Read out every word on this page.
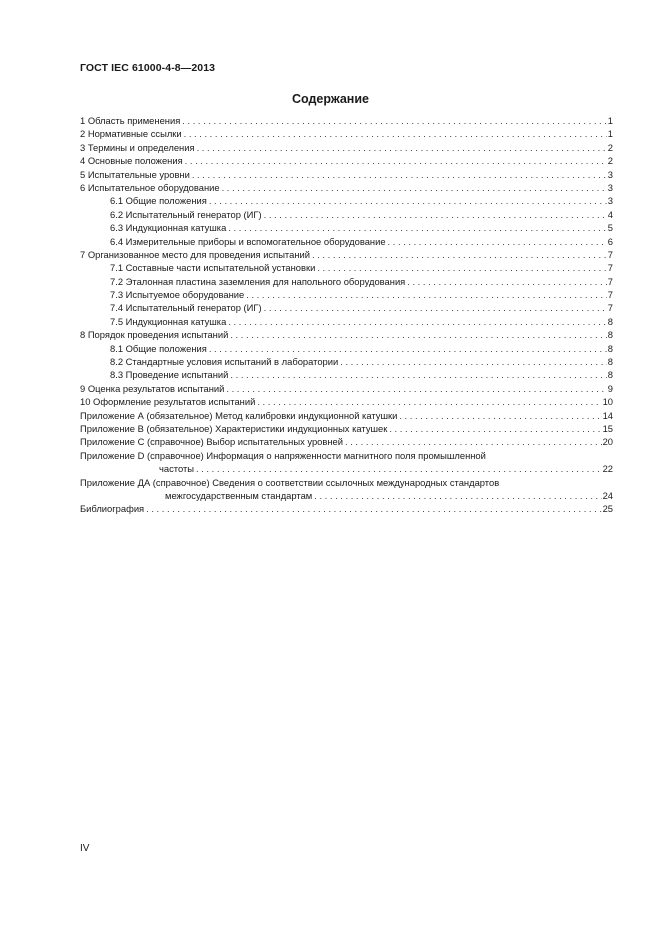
ГОСТ IEC 61000-4-8—2013
Содержание
1 Область применения . . .	1
2 Нормативные ссылки . . .	1
3 Термины и определения . . .	2
4 Основные положения . . .	2
5 Испытательные уровни . . .	3
6 Испытательное оборудование . . .	3
6.1 Общие положения . . .	3
6.2 Испытательный генератор (ИГ) . . .	4
6.3 Индукционная катушка . . .	5
6.4 Измерительные приборы и вспомогательное оборудование . . .	6
7 Организованное место для проведения испытаний . . .	7
7.1 Составные части испытательной установки . . .	7
7.2 Эталонная пластина заземления для напольного оборудования . . .	7
7.3 Испытуемое оборудование . . .	7
7.4 Испытательный генератор (ИГ) . . .	7
7.5 Индукционная катушка . . .	8
8 Порядок проведения испытаний . . .	8
8.1 Общие положения . . .	8
8.2 Стандартные условия испытаний в лаборатории . . .	8
8.3 Проведение испытаний . . .	8
9 Оценка результатов испытаний . . .	9
10 Оформление результатов испытаний . . .	10
Приложение А (обязательное) Метод калибровки индукционной катушки . . .	14
Приложение В (обязательное) Характеристики индукционных катушек . . .	15
Приложение С (справочное) Выбор испытательных уровней . . .	20
Приложение D (справочное) Информация о напряженности магнитного поля промышленной
частоты . . .	22
Приложение ДА (справочное) Сведения о соответствии ссылочных международных стандартов
межгосударственным стандартам . . .	24
Библиография . . .	25
IV
